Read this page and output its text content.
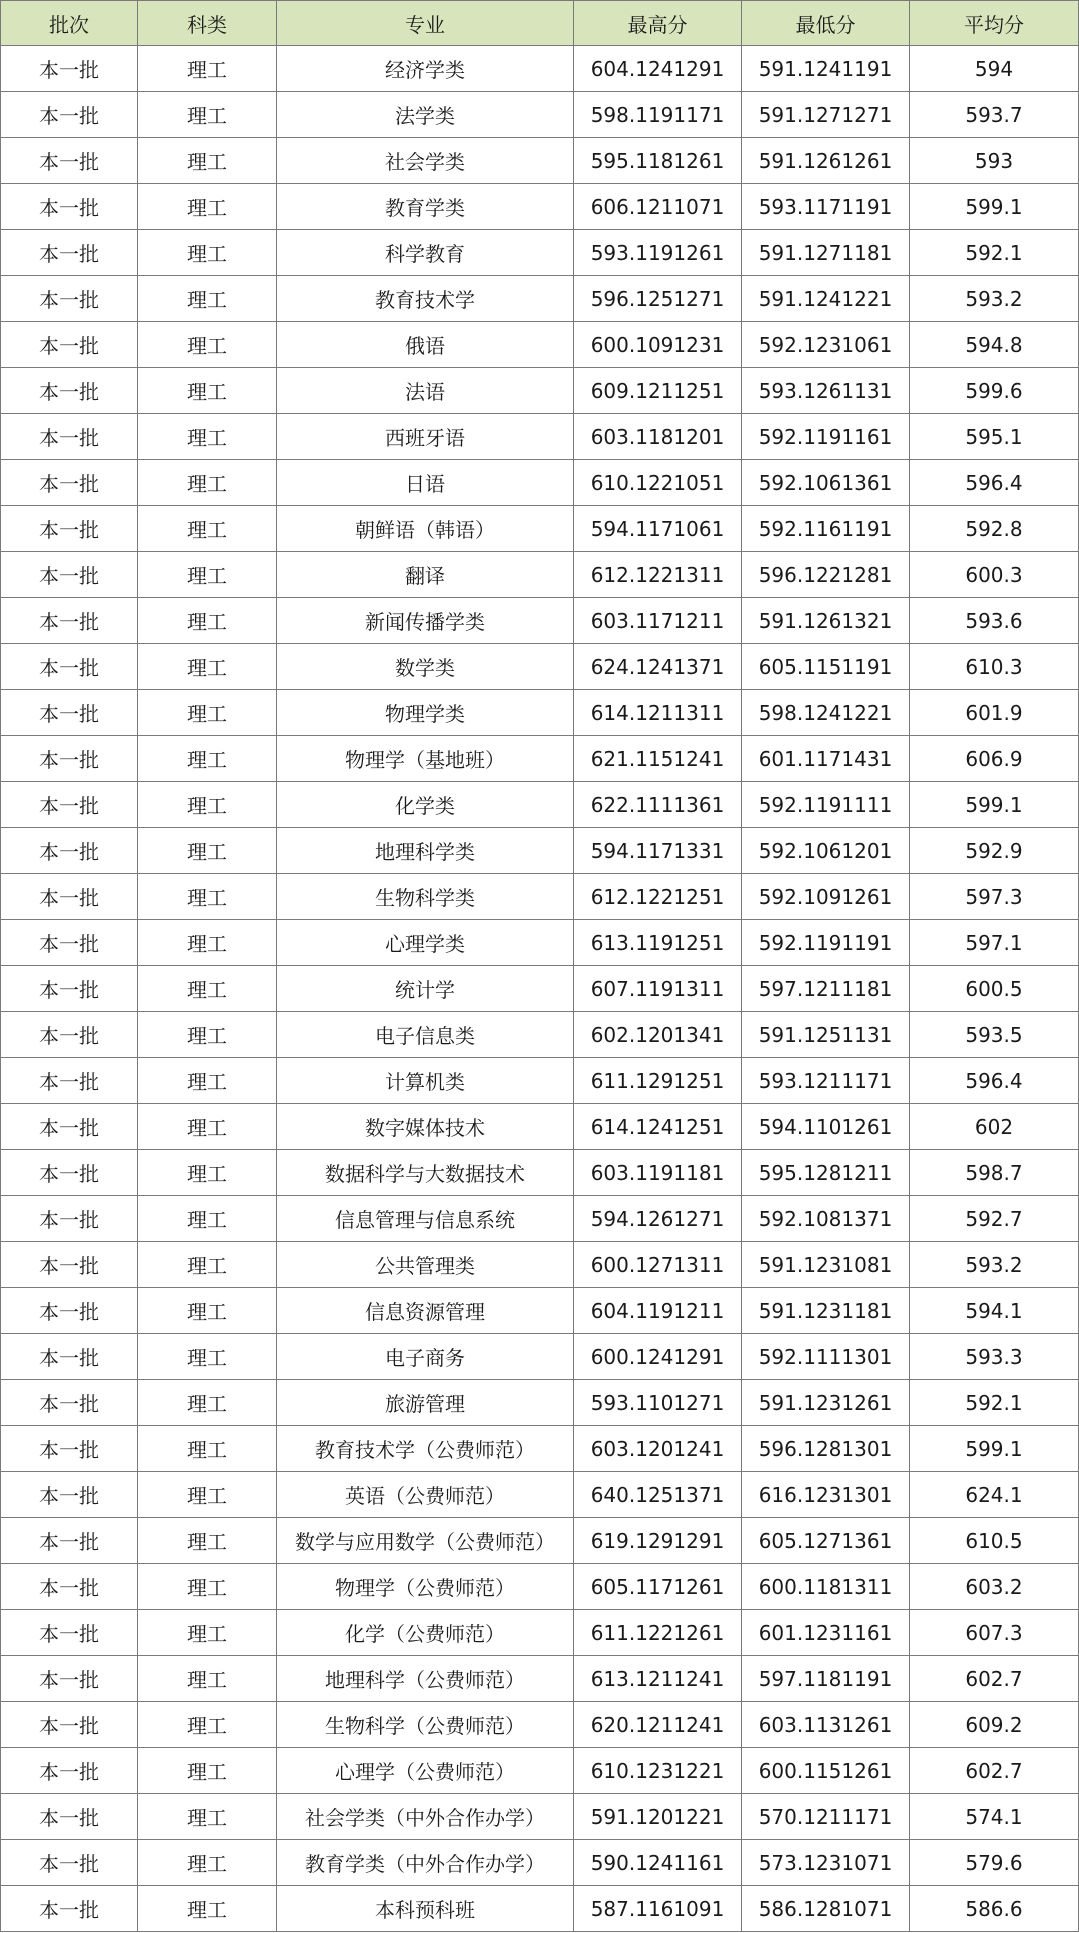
批次	科类	专业	最高分	最低分	平均分
本一批	理工	经济学类	604.1241291	591.1241191	594
本一批	理工	法学类	598.1191171	591.1271271	593.7
本一批	理工	社会学类	595.1181261	591.1261261	593
本一批	理工	教育学类	606.1211071	593.1171191	599.1
本一批	理工	科学教育	593.1191261	591.1271181	592.1
本一批	理工	教育技术学	596.1251271	591.1241221	593.2
本一批	理工	俄语	600.1091231	592.1231061	594.8
本一批	理工	法语	609.1211251	593.1261131	599.6
本一批	理工	西班牙语	603.1181201	592.1191161	595.1
本一批	理工	日语	610.1221051	592.1061361	596.4
本一批	理工	朝鲜语（韩语）	594.1171061	592.1161191	592.8
本一批	理工	翻译	612.1221311	596.1221281	600.3
本一批	理工	新闻传播学类	603.1171211	591.1261321	593.6
本一批	理工	数学类	624.1241371	605.1151191	610.3
本一批	理工	物理学类	614.1211311	598.1241221	601.9
本一批	理工	物理学（基地班）	621.1151241	601.1171431	606.9
本一批	理工	化学类	622.1111361	592.1191111	599.1
本一批	理工	地理科学类	594.1171331	592.1061201	592.9
本一批	理工	生物科学类	612.1221251	592.1091261	597.3
本一批	理工	心理学类	613.1191251	592.1191191	597.1
本一批	理工	统计学	607.1191311	597.1211181	600.5
本一批	理工	电子信息类	602.1201341	591.1251131	593.5
本一批	理工	计算机类	611.1291251	593.1211171	596.4
本一批	理工	数字媒体技术	614.1241251	594.1101261	602
本一批	理工	数据科学与大数据技术	603.1191181	595.1281211	598.7
本一批	理工	信息管理与信息系统	594.1261271	592.1081371	592.7
本一批	理工	公共管理类	600.1271311	591.1231081	593.2
本一批	理工	信息资源管理	604.1191211	591.1231181	594.1
本一批	理工	电子商务	600.1241291	592.1111301	593.3
本一批	理工	旅游管理	593.1101271	591.1231261	592.1
本一批	理工	教育技术学（公费师范）	603.1201241	596.1281301	599.1
本一批	理工	英语（公费师范）	640.1251371	616.1231301	624.1
本一批	理工	数学与应用数学（公费师范）	619.1291291	605.1271361	610.5
本一批	理工	物理学（公费师范）	605.1171261	600.1181311	603.2
本一批	理工	化学（公费师范）	611.1221261	601.1231161	607.3
本一批	理工	地理科学（公费师范）	613.1211241	597.1181191	602.7
本一批	理工	生物科学（公费师范）	620.1211241	603.1131261	609.2
本一批	理工	心理学（公费师范）	610.1231221	600.1151261	602.7
本一批	理工	社会学类（中外合作办学）	591.1201221	570.1211171	574.1
本一批	理工	教育学类（中外合作办学）	590.1241161	573.1231071	579.6
本一批	理工	本科预科班	587.1161091	586.1281071	586.6
